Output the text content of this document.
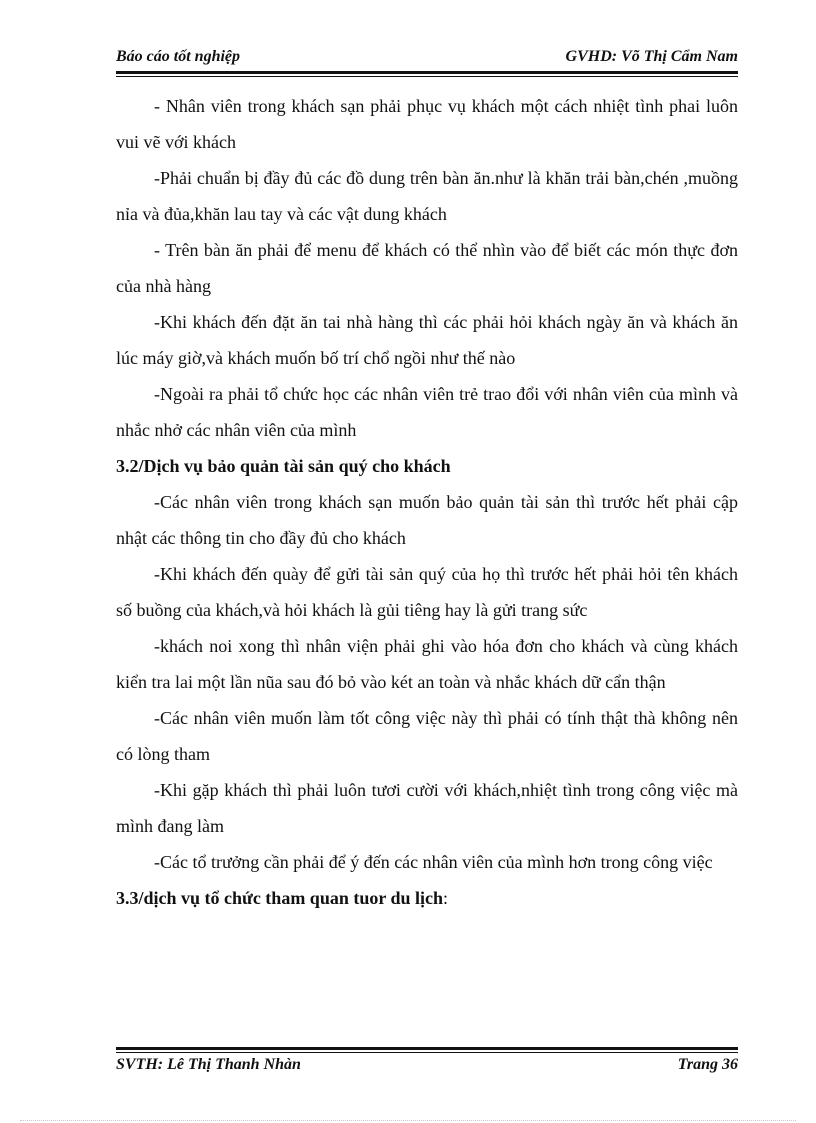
Báo cáo tốt nghiệp	GVHD: Võ Thị Cẩm Nam

- Nhân viên trong khách sạn phải phục vụ khách một cách nhiệt tình phai luôn vui vẽ với khách

-Phải chuẩn bị đầy đủ các đồ dung trên bàn ăn.như là khăn trải bàn,chén ,muồng nỉa và đủa,khăn lau tay và các vật dung khách

- Trên bàn ăn phải để menu để khách có thể nhìn vào để biết các món thực đơn của nhà hàng

-Khi khách đến đặt ăn tai nhà hàng thì các phải hỏi khách ngày ăn và khách ăn lúc máy giờ,và khách muốn bố trí chổ ngồi như thế nào

-Ngoài ra phải tổ chức học các nhân viên trẻ trao đổi với nhân viên của mình và nhắc nhở các nhân viên của mình

3.2/Dịch vụ bảo quản tài sản quý cho khách

-Các nhân viên trong khách sạn muốn bảo quản tài sản thì trước hết phải cập nhật các thông tin cho đầy đủ cho khách

-Khi khách đến quày để gửi tài sản quý của họ thì trước hết phải hỏi tên khách số buồng của khách,và hỏi khách là gủi tiêng hay là gửi trang sức

-khách noi xong thì nhân viện phải ghi vào hóa đơn cho khách và cùng khách kiển tra lai một lần nũa sau đó bỏ vào két an toàn và nhắc khách dữ cẩn thận

-Các nhân viên muốn làm tốt công việc này thì phải có tính thật thà không nên có lòng tham

-Khi gặp khách thì phải luôn tươi cười với khách,nhiệt tình trong công việc mà mình đang làm

-Các tổ trưởng cần phải để ý đến các nhân viên của mình hơn trong công việc

3.3/dịch vụ tổ chức tham quan tuor du lịch:

SVTH: Lê Thị Thanh Nhàn	Trang 36
